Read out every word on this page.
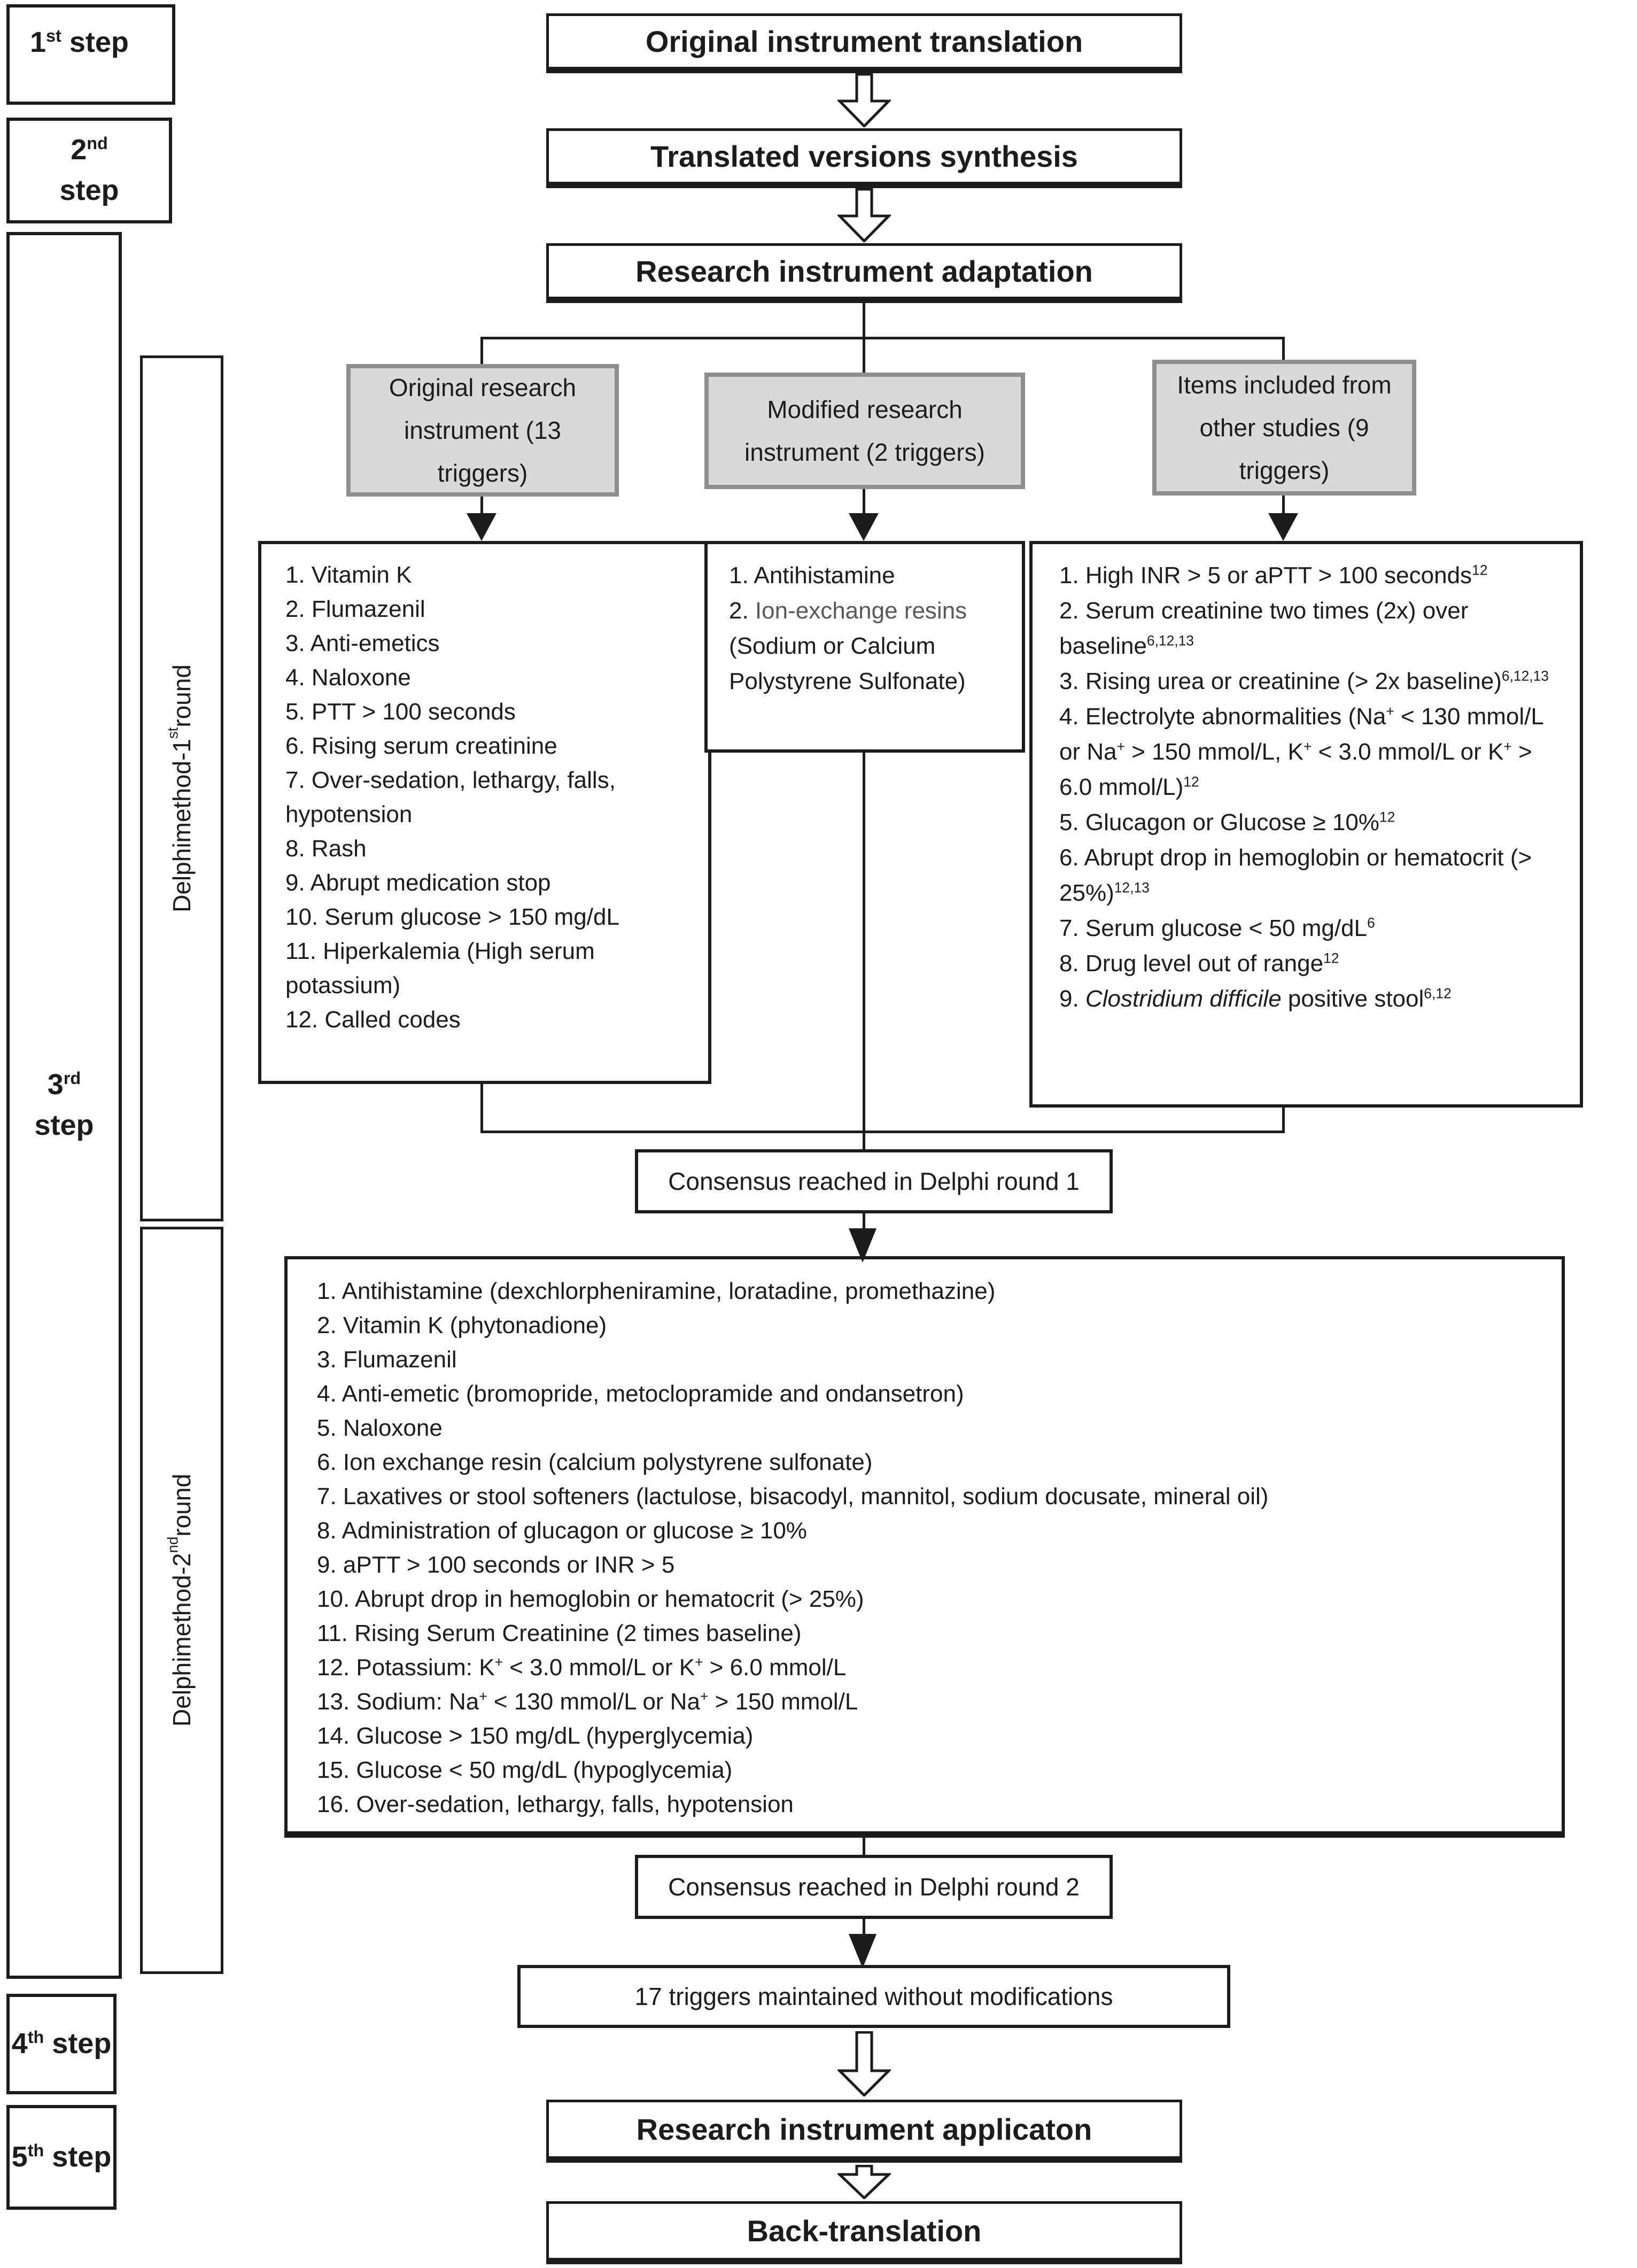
1st step
2nd
step
3rd
step
4th step
5th step
Delphimethod-1stround
Delphimethod-2ndround
Original instrument translation
Translated versions synthesis
Research instrument adaptation
Original research instrument (13 triggers)
Modified research instrument (2 triggers)
Items included from other studies (9 triggers)
1. Vitamin K
2. Flumazenil
3. Anti-emetics
4. Naloxone
5. PTT > 100 seconds
6. Rising serum creatinine
7. Over-sedation, lethargy, falls, hypotension
8. Rash
9. Abrupt medication stop
10. Serum glucose > 150 mg/dL
11. Hiperkalemia (High serum potassium)
12. Called codes
1. Antihistamine
2. Ion-exchange resins (Sodium or Calcium Polystyrene Sulfonate)
1. High INR > 5 or aPTT > 100 seconds$^{12}$
2. Serum creatinine two times (2x) over baseline$^{6,12,13}$
3. Rising urea or creatinine (> 2x baseline)$^{6,12,13}$
4. Electrolyte abnormalities (Na+ < 130 mmol/L or Na+ > 150 mmol/L, K+ < 3.0 mmol/L or K+ > 6.0 mmol/L)$^{12}$
5. Glucagon or Glucose ≥ 10%$^{12}$
6. Abrupt drop in hemoglobin or hematocrit (> 25%)$^{12,13}$
7. Serum glucose < 50 $mg/dL^6$
8. Drug level out of range$^{12}$
9. Clostridium difficile positive stool$^{6,12}$
Consensus reached in Delphi round 1
1. Antihistamine (dexchlorpheniramine, loratadine, promethazine)
2. Vitamin K (phytonadione)
3. Flumazenil
4. Anti-emetic (bromopride, metoclopramide and ondansetron)
5. Naloxone
6. Ion exchange resin (calcium polystyrene sulfonate)
7. Laxatives or stool softeners (lactulose, bisacodyl, mannitol, sodium docusate, mineral oil)
8. Administration of glucagon or glucose ≥ 10%
9. aPTT > 100 seconds or INR > 5
10. Abrupt drop in hemoglobin or hematocrit (> 25%)
11. Rising Serum Creatinine (2 times baseline)
12. Potassium: K+ < 3.0 mmol/L or K+ > 6.0 mmol/L
13. Sodium: Na+ < 130 mmol/L or Na+ > 150 mmol/L
14. Glucose > 150 mg/dL (hyperglycemia)
15. Glucose < 50 mg/dL (hypoglycemia)
16. Over-sedation, lethargy, falls, hypotension
Consensus reached in Delphi round 2
17 triggers maintained without modifications
Research instrument applicaton
Back-translation
